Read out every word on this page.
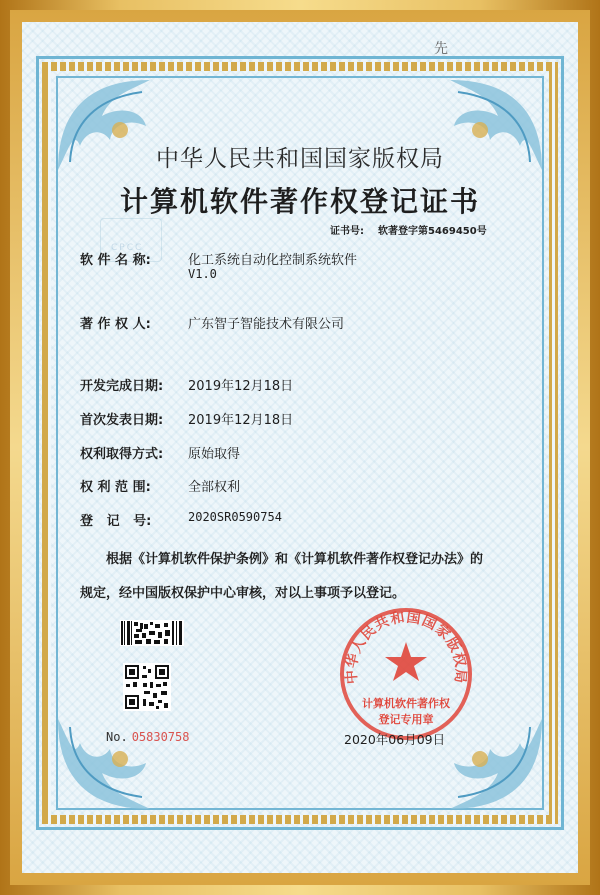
先
中华人民共和国国家版权局
计算机软件著作权登记证书
CPCC
证书号: 软著登字第5469450号
软 件 名 称:	化工系统自动化控制系统软件
V1.0
著 作 权 人:	广东智子智能技术有限公司
开发完成日期:	2019年12月18日
首次发表日期:	2019年12月18日
权利取得方式:	原始取得
权 利 范 围:	全部权利
登   记   号:	2020SR0590754
根据《计算机软件保护条例》和《计算机软件著作权登记办法》的
规定，经中国版权保护中心审核，对以上事项予以登记。
No. 05830758
中华人民共和国国家版权局
计算机软件著作权
登记专用章
2020年06月09日
